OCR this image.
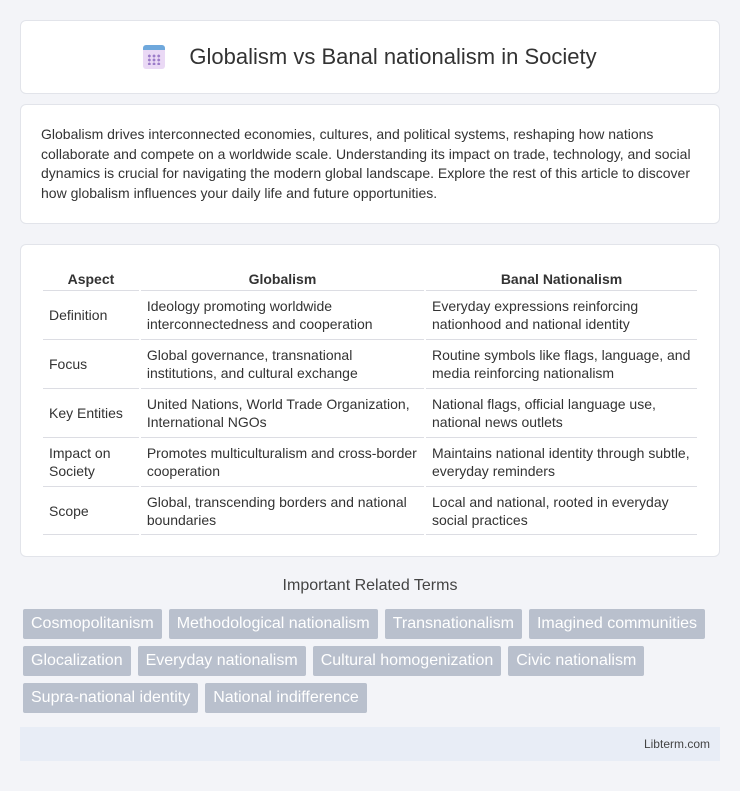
Globalism vs Banal nationalism in Society

Globalism drives interconnected economies, cultures, and political systems, reshaping how nations collaborate and compete on a worldwide scale. Understanding its impact on trade, technology, and social dynamics is crucial for navigating the modern global landscape. Explore the rest of this article to discover how globalism influences your daily life and future opportunities.

Aspect	Globalism	Banal Nationalism
Definition	Ideology promoting worldwide interconnectedness and cooperation	Everyday expressions reinforcing nationhood and national identity
Focus	Global governance, transnational institutions, and cultural exchange	Routine symbols like flags, language, and media reinforcing nationalism
Key Entities	United Nations, World Trade Organization, International NGOs	National flags, official language use, national news outlets
Impact on Society	Promotes multiculturalism and cross-border cooperation	Maintains national identity through subtle, everyday reminders
Scope	Global, transcending borders and national boundaries	Local and national, rooted in everyday social practices
Important Related Terms
Cosmopolitanism	Methodological nationalism	Transnationalism	Imagined communities
Glocalization	Everyday nationalism	Cultural homogenization	Civic nationalism
Supra-national identity	National indifference
Libterm.com
